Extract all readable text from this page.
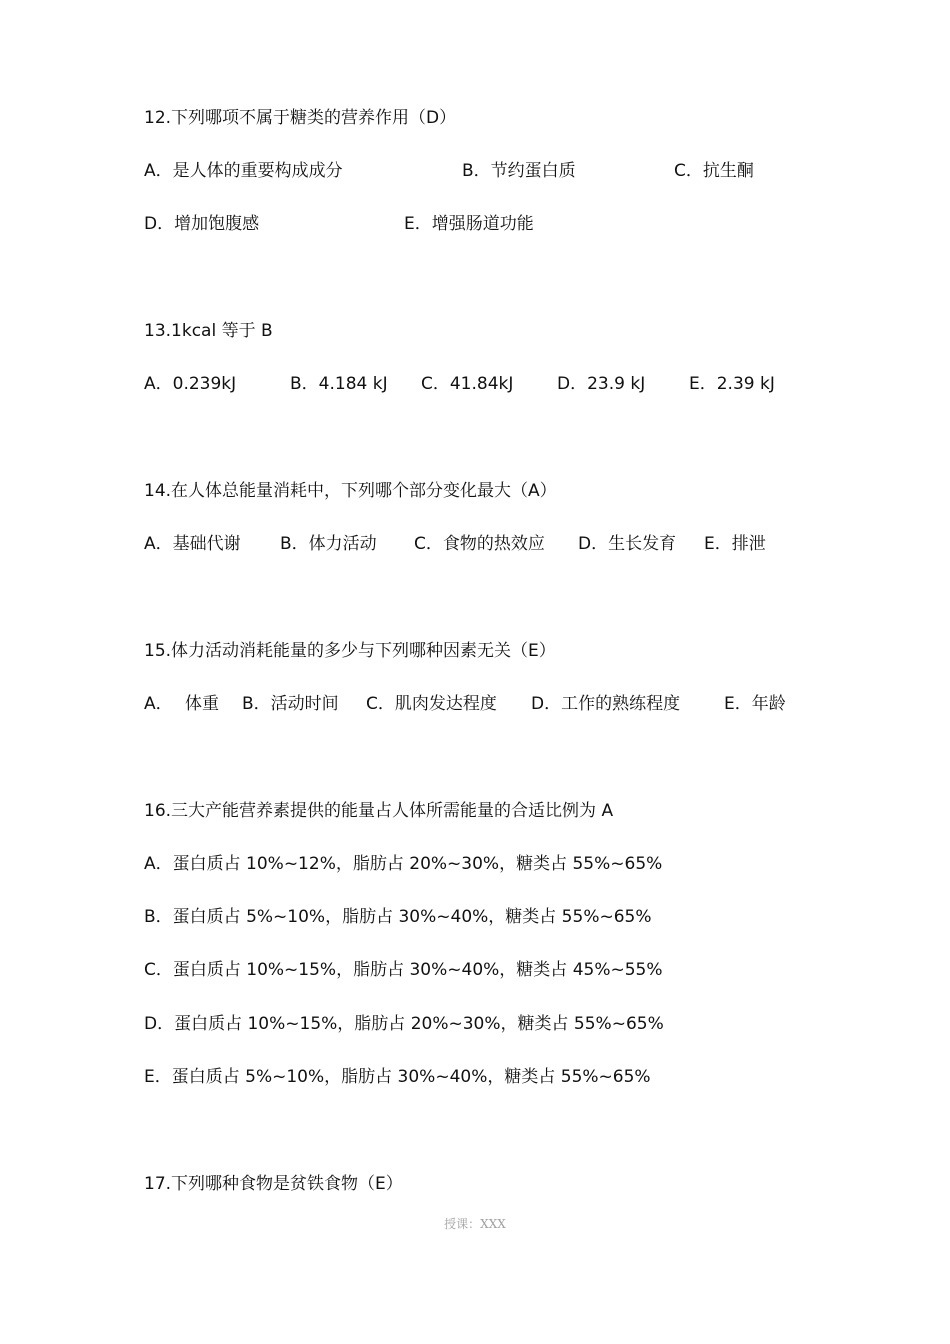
12.下列哪项不属于糖类的营养作用（D）
A．是人体的重要构成成分	B．节约蛋白质	C．抗生酮
D．增加饱腹感	E．增强肠道功能
13.1kcal 等于 B
A．0.239kJ	B．4.184 kJ C．41.84kJ	D．23.9 kJ	E．2.39 kJ
14.在人体总能量消耗中，下列哪个部分变化最大（A）
A．基础代谢 B．体力活动 C．食物的热效应 D．生长发育 E．排泄
15.体力活动消耗能量的多少与下列哪种因素无关（E）
A． 体重 B．活动时间 C．肌肉发达程度 D．工作的熟练程度	E．年龄
16.三大产能营养素提供的能量占人体所需能量的合适比例为 A
A．蛋白质占 10%~12%，脂肪占 20%~30%，糖类占 55%~65%
B．蛋白质占 5%~10%，脂肪占 30%~40%，糖类占 55%~65%
C．蛋白质占 10%~15%，脂肪占 30%~40%，糖类占 45%~55%
D．蛋白质占 10%~15%，脂肪占 20%~30%，糖类占 55%~65%
E．蛋白质占 5%~10%，脂肪占 30%~40%，糖类占 55%~65%
17.下列哪种食物是贫铁食物（E）
授课：XXX
